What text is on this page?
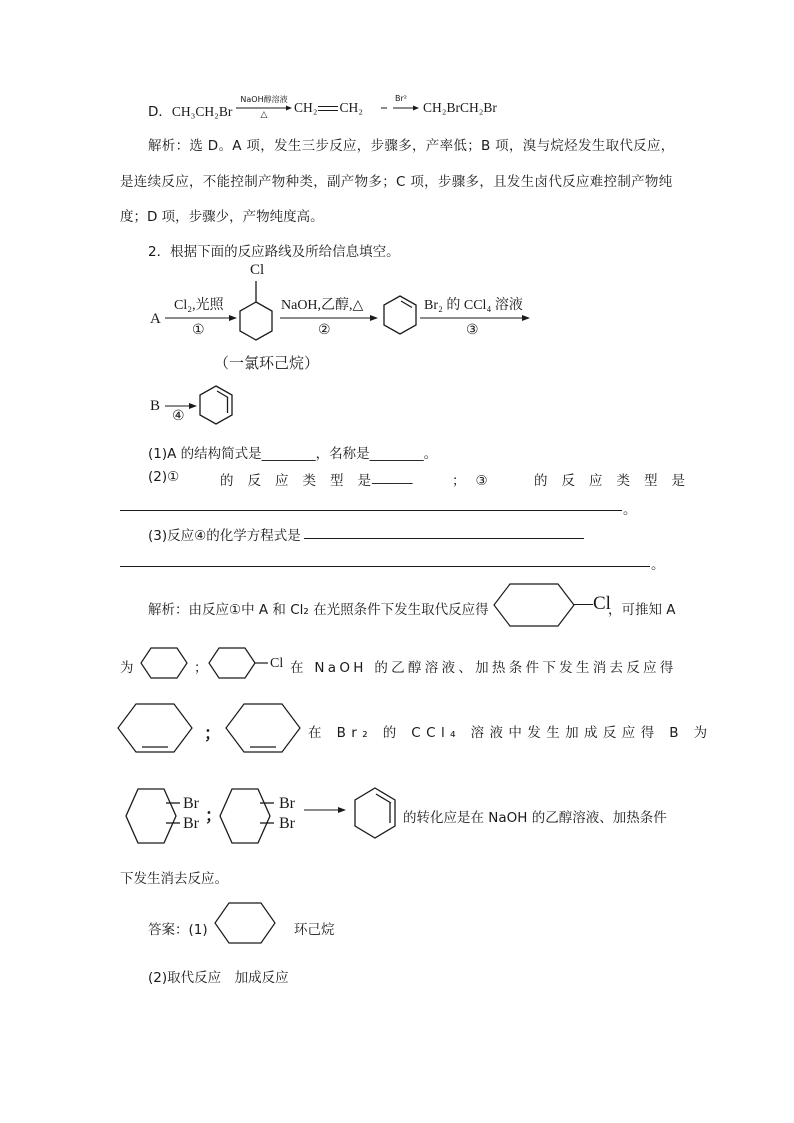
D．CH₃CH₂Br
NaOH醇溶液
△	CH₂ CH₂
Br²
→ CH₂BrCH₂Br
解析：选 D。A 项，发生三步反应，步骤多，产率低；B 项，溴与烷烃发生取代反应，
是连续反应，不能控制产物种类，副产物多；C 项，步骤多，且发生卤代反应难控制产物纯
度；D 项，步骤少，产物纯度高。
2．根据下面的反应路线及所给信息填空。
A
Cl₂,光照
①
Cl
（一氯环己烷）
NaOH,乙醇,△
②
Br₂ 的 CCl₄ 溶液
③
B
④
(1)A 的结构简式是________，名称是________。
(2)①	的反应类型是
______	；③	的反应类型是
。
(3)反应④的化学方程式是
。
解析：由反应①中 A 和 Cl₂ 在光照条件下发生取代反应得	—Cl
，可推知 A
为	；	Cl 在 NaOH 的乙醇溶液、加热条件下发生消去反应得
；	在 Br₂ 的 CCl₄ 溶液中发生加成反应得 B 为
Br
Br ；
Br
Br	的转化应是在 NaOH 的乙醇溶液、加热条件
下发生消去反应。
答案：(1)	环己烷
(2)取代反应　加成反应
